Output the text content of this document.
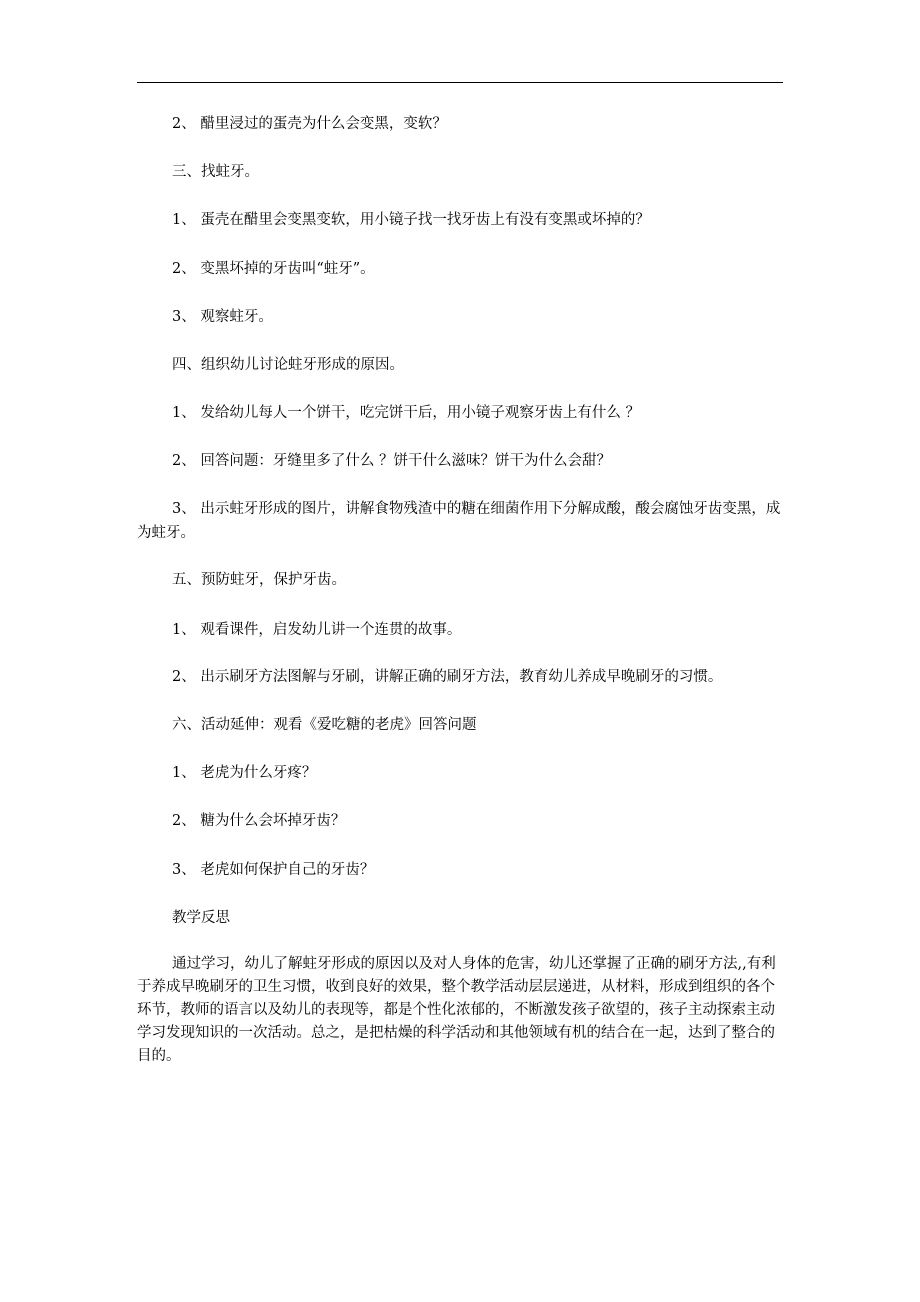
2、 醋里浸过的蛋壳为什么会变黑，变软？
三、找蛀牙。
1、 蛋壳在醋里会变黑变软，用小镜子找一找牙齿上有没有变黑或坏掉的？
2、 变黑坏掉的牙齿叫“蛀牙”。
3、 观察蛀牙。
四、组织幼儿讨论蛀牙形成的原因。
1、 发给幼儿每人一个饼干，吃完饼干后，用小镜子观察牙齿上有什么 ？
2、 回答问题：牙缝里多了什么 ？饼干什么滋味？饼干为什么会甜？
3、 出示蛀牙形成的图片，讲解食物残渣中的糖在细菌作用下分解成酸，酸会腐蚀牙齿变黑，成为蛀牙。
五、预防蛀牙，保护牙齿。
1、 观看课件，启发幼儿讲一个连贯的故事。
2、 出示刷牙方法图解与牙刷，讲解正确的刷牙方法，教育幼儿养成早晚刷牙的习惯。
六、活动延伸：观看《爱吃糖的老虎》回答问题
1、 老虎为什么牙疼？
2、 糖为什么会坏掉牙齿？
3、 老虎如何保护自己的牙齿？
教学反思
通过学习，幼儿了解蛀牙形成的原因以及对人身体的危害，幼儿还掌握了正确的刷牙方法,,有利于养成早晚刷牙的卫生习惯，收到良好的效果，整个教学活动层层递进，从材料，形成到组织的各个环节，教师的语言以及幼儿的表现等，都是个性化浓郁的，不断激发孩子欲望的，孩子主动探索主动学习发现知识的一次活动。总之，是把枯燥的科学活动和其他领域有机的结合在一起，达到了整合的目的。
